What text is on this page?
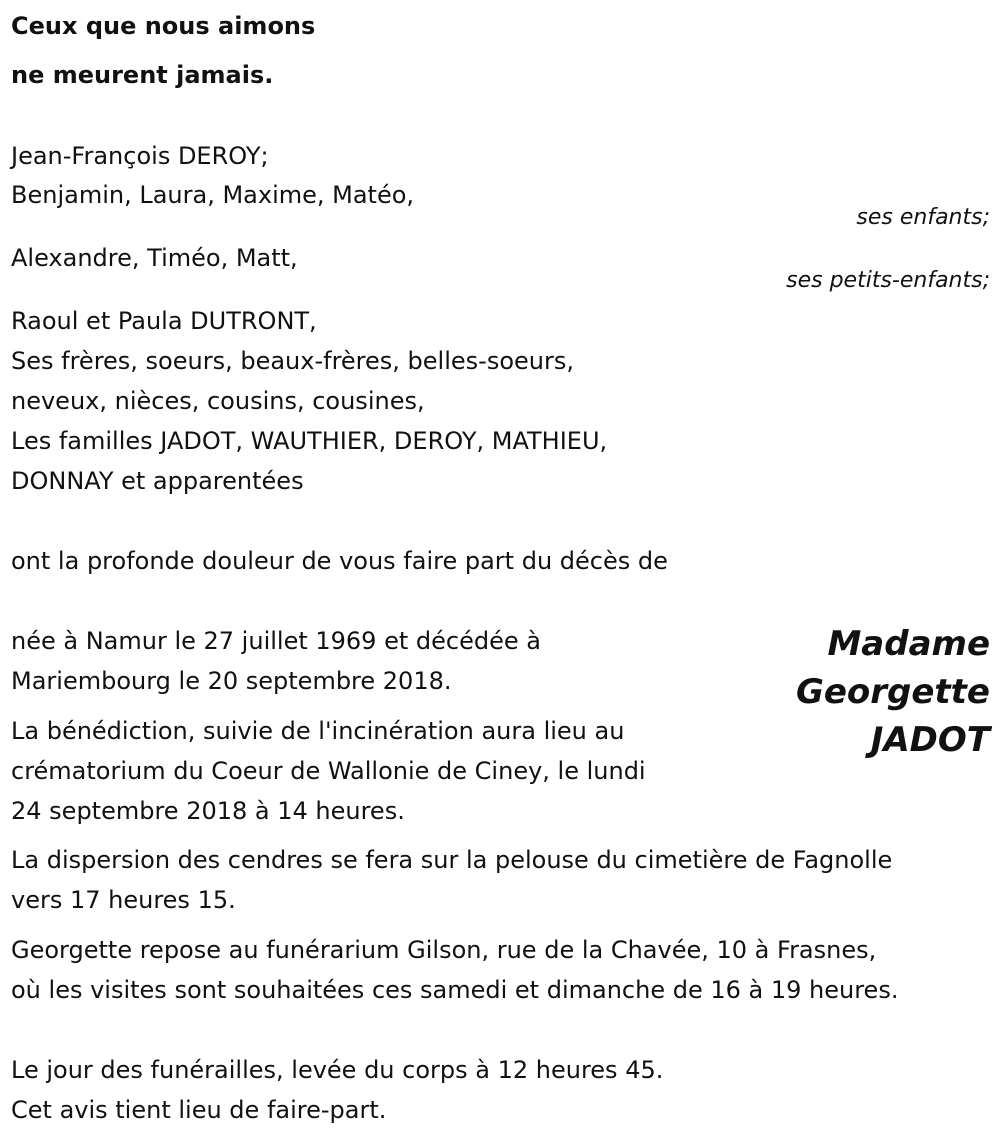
Ceux que nous aimons
ne meurent jamais.
Jean-François DEROY;
Benjamin, Laura, Maxime, Matéo,
ses enfants;
Alexandre, Timéo, Matt,
ses petits-enfants;
Raoul et Paula DUTRONT,
Ses frères, soeurs, beaux-frères, belles-soeurs,
neveux, nièces, cousins, cousines,
Les familles JADOT, WAUTHIER, DEROY, MATHIEU,
DONNAY et apparentées
ont la profonde douleur de vous faire part du décès de
Madame
Georgette
JADOT
née à Namur le 27 juillet 1969 et décédée à
Mariembourg le 20 septembre 2018.
La bénédiction, suivie de l'incinération aura lieu au
crématorium du Coeur de Wallonie de Ciney, le lundi
24 septembre 2018 à 14 heures.
La dispersion des cendres se fera sur la pelouse du cimetière de Fagnolle
vers 17 heures 15.
Georgette repose au funérarium Gilson, rue de la Chavée, 10 à Frasnes,
où les visites sont souhaitées ces samedi et dimanche de 16 à 19 heures.
Le jour des funérailles, levée du corps à 12 heures 45.
Cet avis tient lieu de faire-part.
